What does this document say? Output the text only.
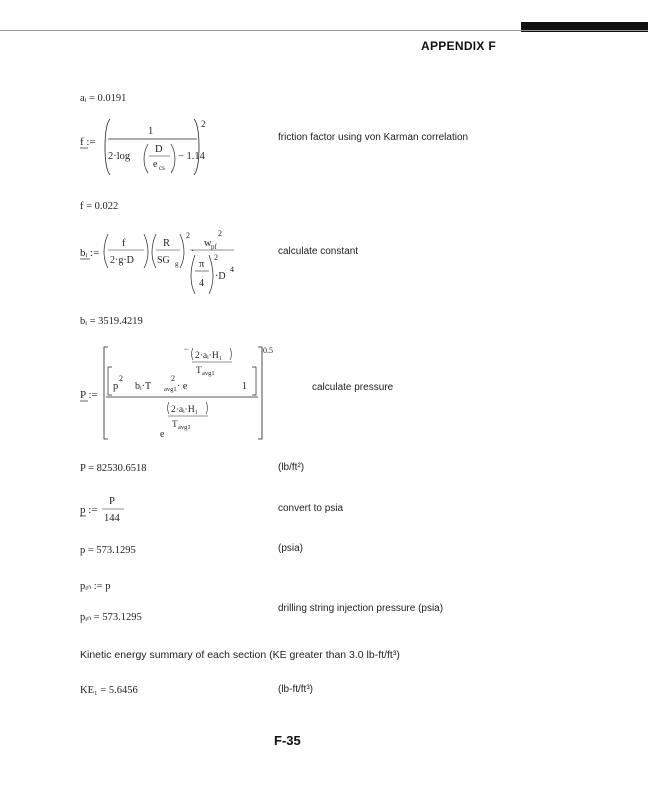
APPENDIX F
aᵢ = 0.0191
f :=
2
1
2·log
D
e cs
− 1.14
friction factor using von Karman correlation
f = 0.022
bᵢ :=
f
2·g·D
R
SG g
2
·
w pf
2
π
4
2
·D
4
calculate constant
bᵢ = 3519.4219
P :=
0.5
−
2·aᵢ·H₁
T avg1
p
2
bᵢ·T avg1
2
· e	1
2·aᵢ·H₁
T avg1
e
calculate pressure
P = 82530.6518	(lb/ft²)
p :=
P
144
convert to psia
p = 573.1295	(psia)
pᵢₙ := p
pᵢₙ = 573.1295
drilling string injection pressure (psia)
Kinetic energy summary of each section (KE greater than 3.0 lb-ft/ft³)
KE₁ = 5.6456	(lb-ft/ft³)
F-35
